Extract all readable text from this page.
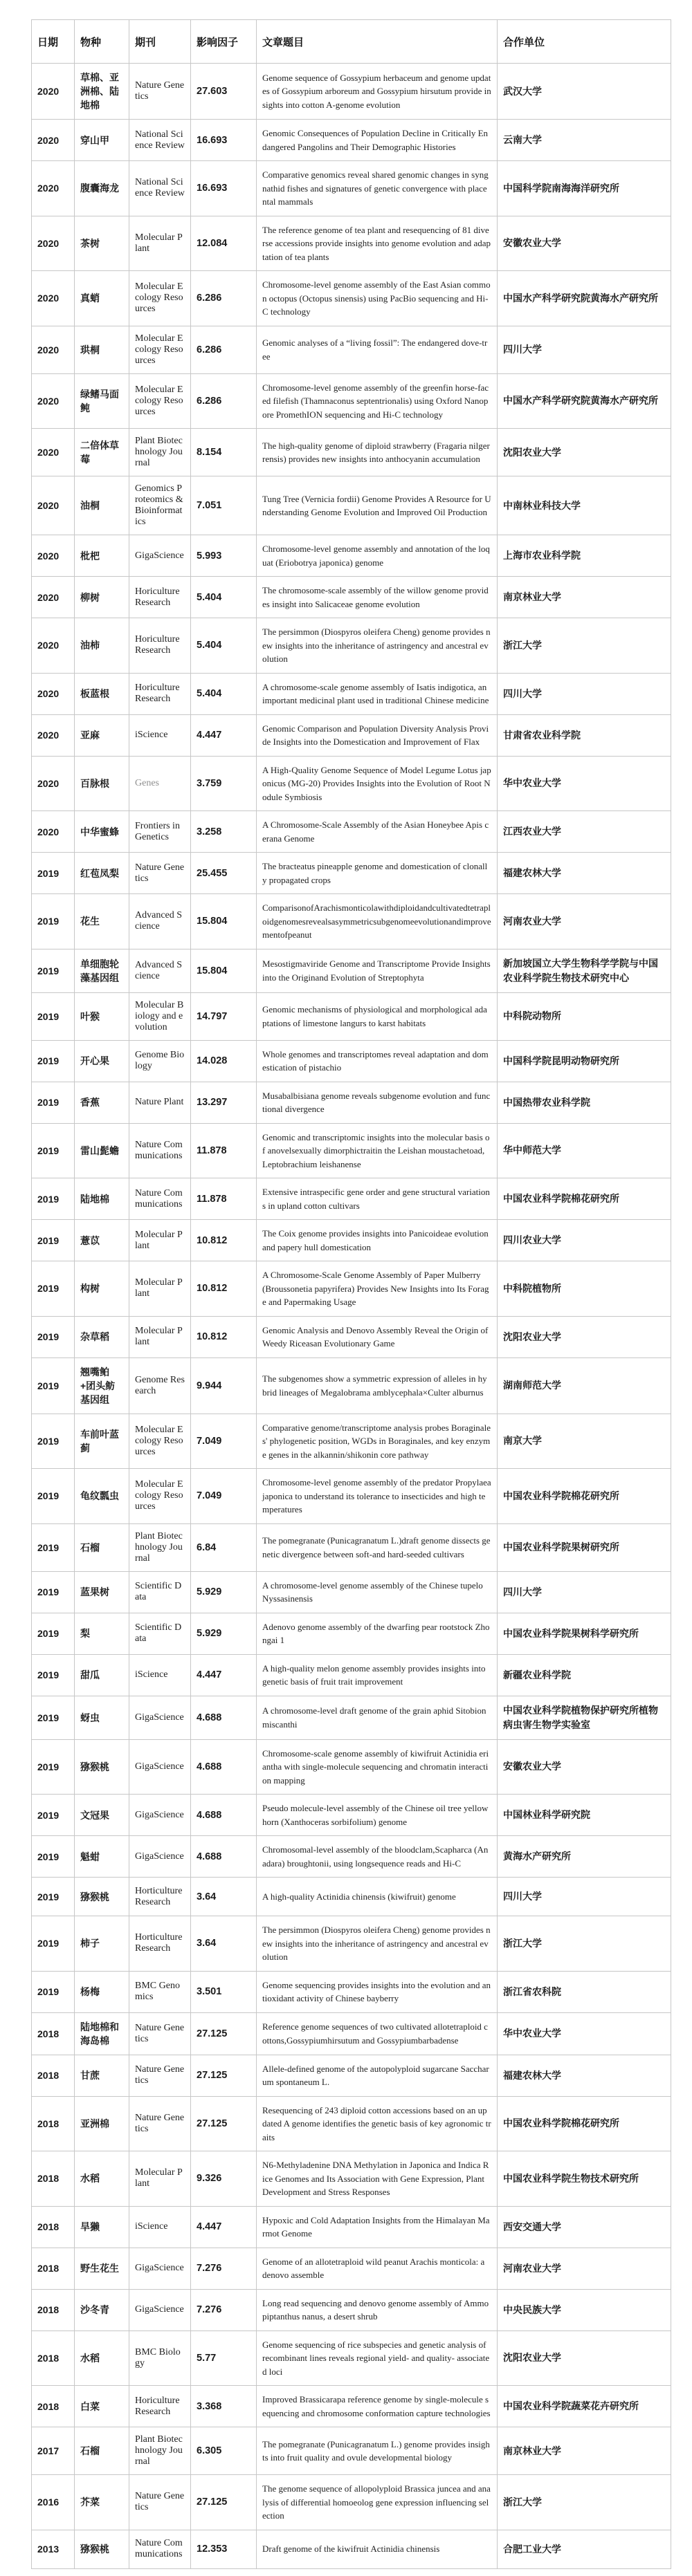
日期	物种	期刊	影响因子	文章题目	合作单位
2020	草棉、亚洲棉、陆地棉	Nature Genetics	27.603	Genome sequence of Gossypium herbaceum and genome updates of Gossypium arboreum and Gossypium hirsutum provide insights into cotton A-genome evolution	武汉大学
2020	穿山甲	National Science Review	16.693	Genomic Consequences of Population Decline in Critically Endangered Pangolins and Their Demographic Histories	云南大学
2020	腹囊海龙	National Science Review	16.693	Comparative genomics reveal shared genomic changes in syngnathid fishes and signatures of genetic convergence with placental mammals	中国科学院南海海洋研究所
2020	茶树	Molecular Plant	12.084	The reference genome of tea plant and resequencing of 81 diverse accessions provide insights into genome evolution and adaptation of tea plants	安徽农业大学
2020	真蛸	Molecular Ecology Resources	6.286	Chromosome-level genome assembly of the East Asian common octopus (Octopus sinensis) using PacBio sequencing and Hi-C technology	中国水产科学研究院黄海水产研究所
2020	珙桐	Molecular Ecology Resources	6.286	Genomic analyses of a “living fossil”: The endangered dove-tree	四川大学
2020	绿鳍马面鲀	Molecular Ecology Resources	6.286	Chromosome-level genome assembly of the greenfin horse-faced filefish (Thamnaconus septentrionalis) using Oxford Nanopore PromethION sequencing and Hi-C technology	中国水产科学研究院黄海水产研究所
2020	二倍体草莓	Plant Biotechnology Journal	8.154	The high-quality genome of diploid strawberry (Fragaria nilgerrensis) provides new insights into anthocyanin accumulation	沈阳农业大学
2020	油桐	Genomics Proteomics & Bioinformatics	7.051	Tung Tree (Vernicia fordii) Genome Provides A Resource for Understanding Genome Evolution and Improved Oil Production	中南林业科技大学
2020	枇杷	GigaScience	5.993	Chromosome-level genome assembly and annotation of the loquat (Eriobotrya japonica) genome	上海市农业科学院
2020	柳树	Horiculture Research	5.404	The chromosome-scale assembly of the willow genome provides insight into Salicaceae genome evolution	南京林业大学
2020	油柿	Horiculture Research	5.404	The persimmon (Diospyros oleifera Cheng) genome provides new insights into the inheritance of astringency and ancestral evolution	浙江大学
2020	板蓝根	Horiculture Research	5.404	A chromosome-scale genome assembly of Isatis indigotica, an important medicinal plant used in traditional Chinese medicine	四川大学
2020	亚麻	iScience	4.447	Genomic Comparison and Population Diversity Analysis Provide Insights into the Domestication and Improvement of Flax	甘肃省农业科学院
2020	百脉根	Genes	3.759	A High-Quality Genome Sequence of Model Legume Lotus japonicus (MG-20) Provides Insights into the Evolution of Root Nodule Symbiosis	华中农业大学
2020	中华蜜蜂	Frontiers in Genetics	3.258	A Chromosome-Scale Assembly of the Asian Honeybee Apis cerana Genome	江西农业大学
2019	红苞凤梨	Nature Genetics	25.455	The bracteatus pineapple genome and domestication of clonally propagated crops	福建农林大学
2019	花生	Advanced Science	15.804	ComparisonofArachismonticolawithdiploidandcultivatedtetraploidgenomesrevealsasymmetricsubgenomeevolutionandimprovementofpeanut	河南农业大学
2019	单细胞轮藻基因组	Advanced Science	15.804	Mesostigmaviride Genome and Transcriptome Provide Insights into the Originand Evolution of Streptophyta	新加坡国立大学生物科学学院与中国农业科学院生物技术研究中心
2019	叶猴	Molecular Biology and evolution	14.797	Genomic mechanisms of physiological and morphological adaptations of limestone langurs to karst habitats	中科院动物所
2019	开心果	Genome Biology	14.028	Whole genomes and transcriptomes reveal adaptation and domestication of pistachio	中国科学院昆明动物研究所
2019	香蕉	Nature Plant	13.297	Musabalbisiana genome reveals subgenome evolution and functional divergence	中国热带农业科学院
2019	雷山髭蟾	Nature Communications	11.878	Genomic and transcriptomic insights into the molecular basis of anovelsexually dimorphictraitin the Leishan moustachetoad, Leptobrachium leishanense	华中师范大学
2019	陆地棉	Nature Communications	11.878	Extensive intraspecific gene order and gene structural variations in upland cotton cultivars	中国农业科学院棉花研究所
2019	薏苡	Molecular Plant	10.812	The Coix genome provides insights into Panicoideae evolution and papery hull domestication	四川农业大学
2019	构树	Molecular Plant	10.812	A Chromosome-Scale Genome Assembly of Paper Mulberry (Broussonetia papyrifera) Provides New Insights into Its Forage and Papermaking Usage	中科院植物所
2019	杂草稻	Molecular Plant	10.812	Genomic Analysis and Denovo Assembly Reveal the Origin of Weedy Riceasan Evolutionary Game	沈阳农业大学
2019	翘嘴鲌+团头鲂基因组	Genome Research	9.944	The subgenomes show a symmetric expression of alleles in hybrid lineages of Megalobrama amblycephala×Culter alburnus	湖南师范大学
2019	车前叶蓝蓟	Molecular Ecology Resources	7.049	Comparative genome/transcriptome analysis probes Boraginales' phylogenetic position, WGDs in Boraginales, and key enzyme genes in the alkannin/shikonin core pathway	南京大学
2019	龟纹瓢虫	Molecular Ecology Resources	7.049	Chromosome-level genome assembly of the predator Propylaea japonica to understand its tolerance to insecticides and high temperatures	中国农业科学院棉花研究所
2019	石榴	Plant Biotechnology Journal	6.84	The pomegranate (Punicagranatum L.)draft genome dissects genetic divergence between soft-and hard-seeded cultivars	中国农业科学院果树研究所
2019	蓝果树	Scientific Data	5.929	A chromosome-level genome assembly of the Chinese tupelo Nyssasinensis	四川大学
2019	梨	Scientific Data	5.929	Adenovo genome assembly of the dwarfing pear rootstock Zhongai 1	中国农业科学院果树科学研究所
2019	甜瓜	iScience	4.447	A high-quality melon genome assembly provides insights into genetic basis of fruit trait improvement	新疆农业科学院
2019	蚜虫	GigaScience	4.688	A chromosome-level draft genome of the grain aphid Sitobion miscanthi	中国农业科学院植物保护研究所植物病虫害生物学实验室
2019	猕猴桃	GigaScience	4.688	Chromosome-scale genome assembly of kiwifruit Actinidia eriantha with single-molecule sequencing and chromatin interaction mapping	安徽农业大学
2019	文冠果	GigaScience	4.688	Pseudo molecule-level assembly of the Chinese oil tree yellowhorn (Xanthoceras sorbifolium) genome	中国林业科学研究院
2019	魁蚶	GigaScience	4.688	Chromosomal-level assembly of the bloodclam,Scapharca (Anadara) broughtonii, using longsequence reads and Hi-C	黄海水产研究所
2019	猕猴桃	Horticulture Research	3.64	A high-quality Actinidia chinensis (kiwifruit) genome	四川大学
2019	柿子	Horticulture Research	3.64	The persimmon (Diospyros oleifera Cheng) genome provides new insights into the inheritance of astringency and ancestral evolution	浙江大学
2019	杨梅	BMC Genomics	3.501	Genome sequencing provides insights into the evolution and antioxidant activity of Chinese bayberry	浙江省农科院
2018	陆地棉和海岛棉	Nature Genetics	27.125	Reference genome sequences of two cultivated allotetraploid cottons,Gossypiumhirsutum and Gossypiumbarbadense	华中农业大学
2018	甘蔗	Nature Genetics	27.125	Allele-defined genome of the autopolyploid sugarcane Saccharum spontaneum L.	福建农林大学
2018	亚洲棉	Nature Genetics	27.125	Resequencing of 243 diploid cotton accessions based on an updated A genome identifies the genetic basis of key agronomic traits	中国农业科学院棉花研究所
2018	水稻	Molecular Plant	9.326	N6-Methyladenine DNA Methylation in Japonica and Indica Rice Genomes and Its Association with Gene Expression, Plant Development and Stress Responses	中国农业科学院生物技术研究所
2018	旱獭	iScience	4.447	Hypoxic and Cold Adaptation Insights from the Himalayan Marmot Genome	西安交通大学
2018	野生花生	GigaScience	7.276	Genome of an allotetraploid wild peanut Arachis monticola: a denovo assemble	河南农业大学
2018	沙冬青	GigaScience	7.276	Long read sequencing and denovo genome assembly of Ammopiptanthus nanus, a desert shrub	中央民族大学
2018	水稻	BMC Biology	5.77	Genome sequencing of rice subspecies and genetic analysis of recombinant lines reveals regional yield- and quality- associated loci	沈阳农业大学
2018	白菜	Horiculture Research	3.368	Improved Brassicarapa reference genome by single-molecule sequencing and chromosome conformation capture technologies	中国农业科学院蔬菜花卉研究所
2017	石榴	Plant Biotechnology Journal	6.305	The pomegranate (Punicagranatum L.) genome provides insights into fruit quality and ovule developmental biology	南京林业大学
2016	芥菜	Nature Genetics	27.125	The genome sequence of allopolyploid Brassica juncea and analysis of differential homoeolog gene expression influencing selection	浙江大学
2013	猕猴桃	Nature Communications	12.353	Draft genome of the kiwifruit Actinidia chinensis	合肥工业大学
